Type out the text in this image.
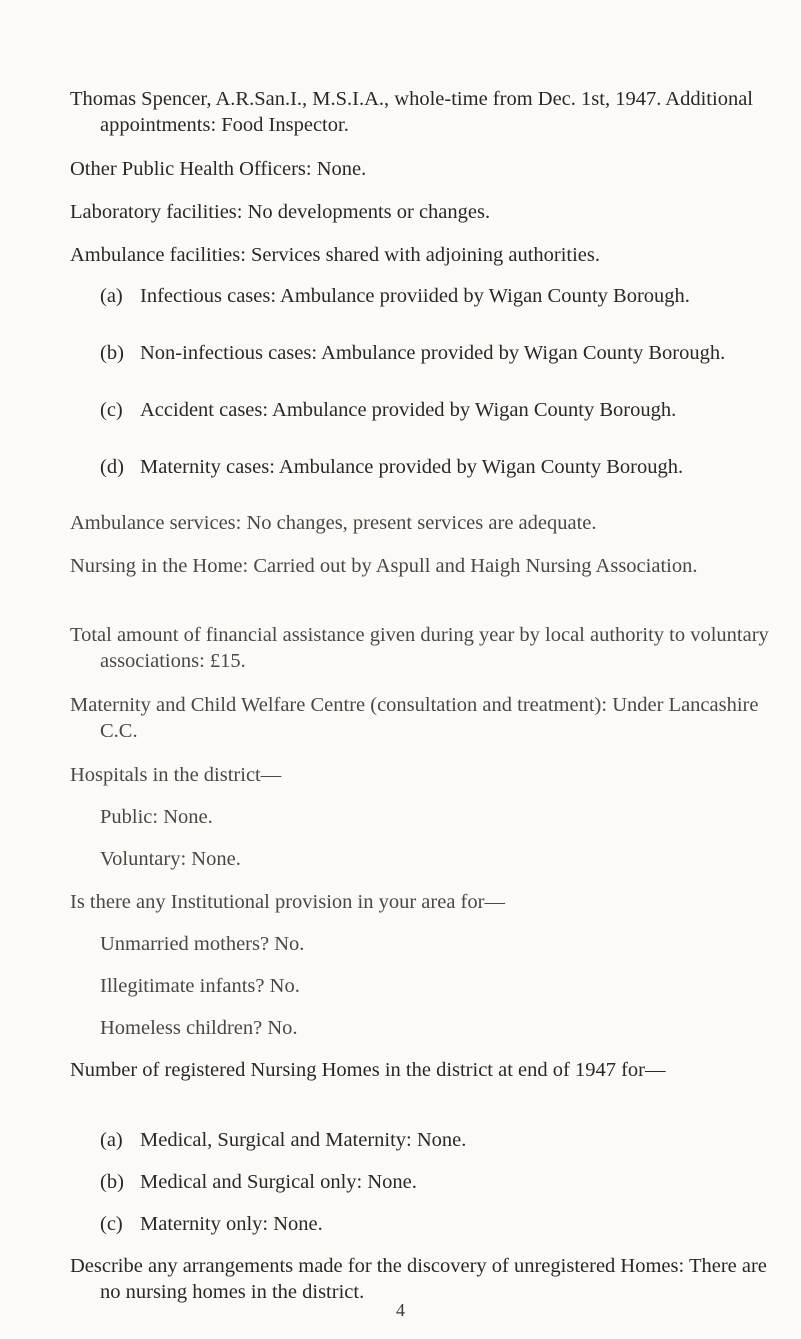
Thomas Spencer, A.R.San.I., M.S.I.A., whole-time from Dec. 1st, 1947. Additional appointments: Food Inspector.

Other Public Health Officers: None.

Laboratory facilities: No developments or changes.

Ambulance facilities: Services shared with adjoining authorities.

(a) Infectious cases: Ambulance proviided by Wigan County Borough.
(b) Non-infectious cases: Ambulance provided by Wigan County Borough.
(c) Accident cases: Ambulance provided by Wigan County Borough.
(d) Maternity cases: Ambulance provided by Wigan County Borough.

Ambulance services: No changes, present services are adequate.

Nursing in the Home: Carried out by Aspull and Haigh Nursing Association.

Total amount of financial assistance given during year by local authority to voluntary associations: £15.

Maternity and Child Welfare Centre (consultation and treatment): Under Lancashire C.C.

Hospitals in the district—

Public: None.

Voluntary: None.

Is there any Institutional provision in your area for—

Unmarried mothers? No.

Illegitimate infants? No.

Homeless children? No.

Number of registered Nursing Homes in the district at end of 1947 for—

(a) Medical, Surgical and Maternity: None.
(b) Medical and Surgical only: None.
(c) Maternity only: None.

Describe any arrangements made for the discovery of unregistered Homes: There are no nursing homes in the district.

4
